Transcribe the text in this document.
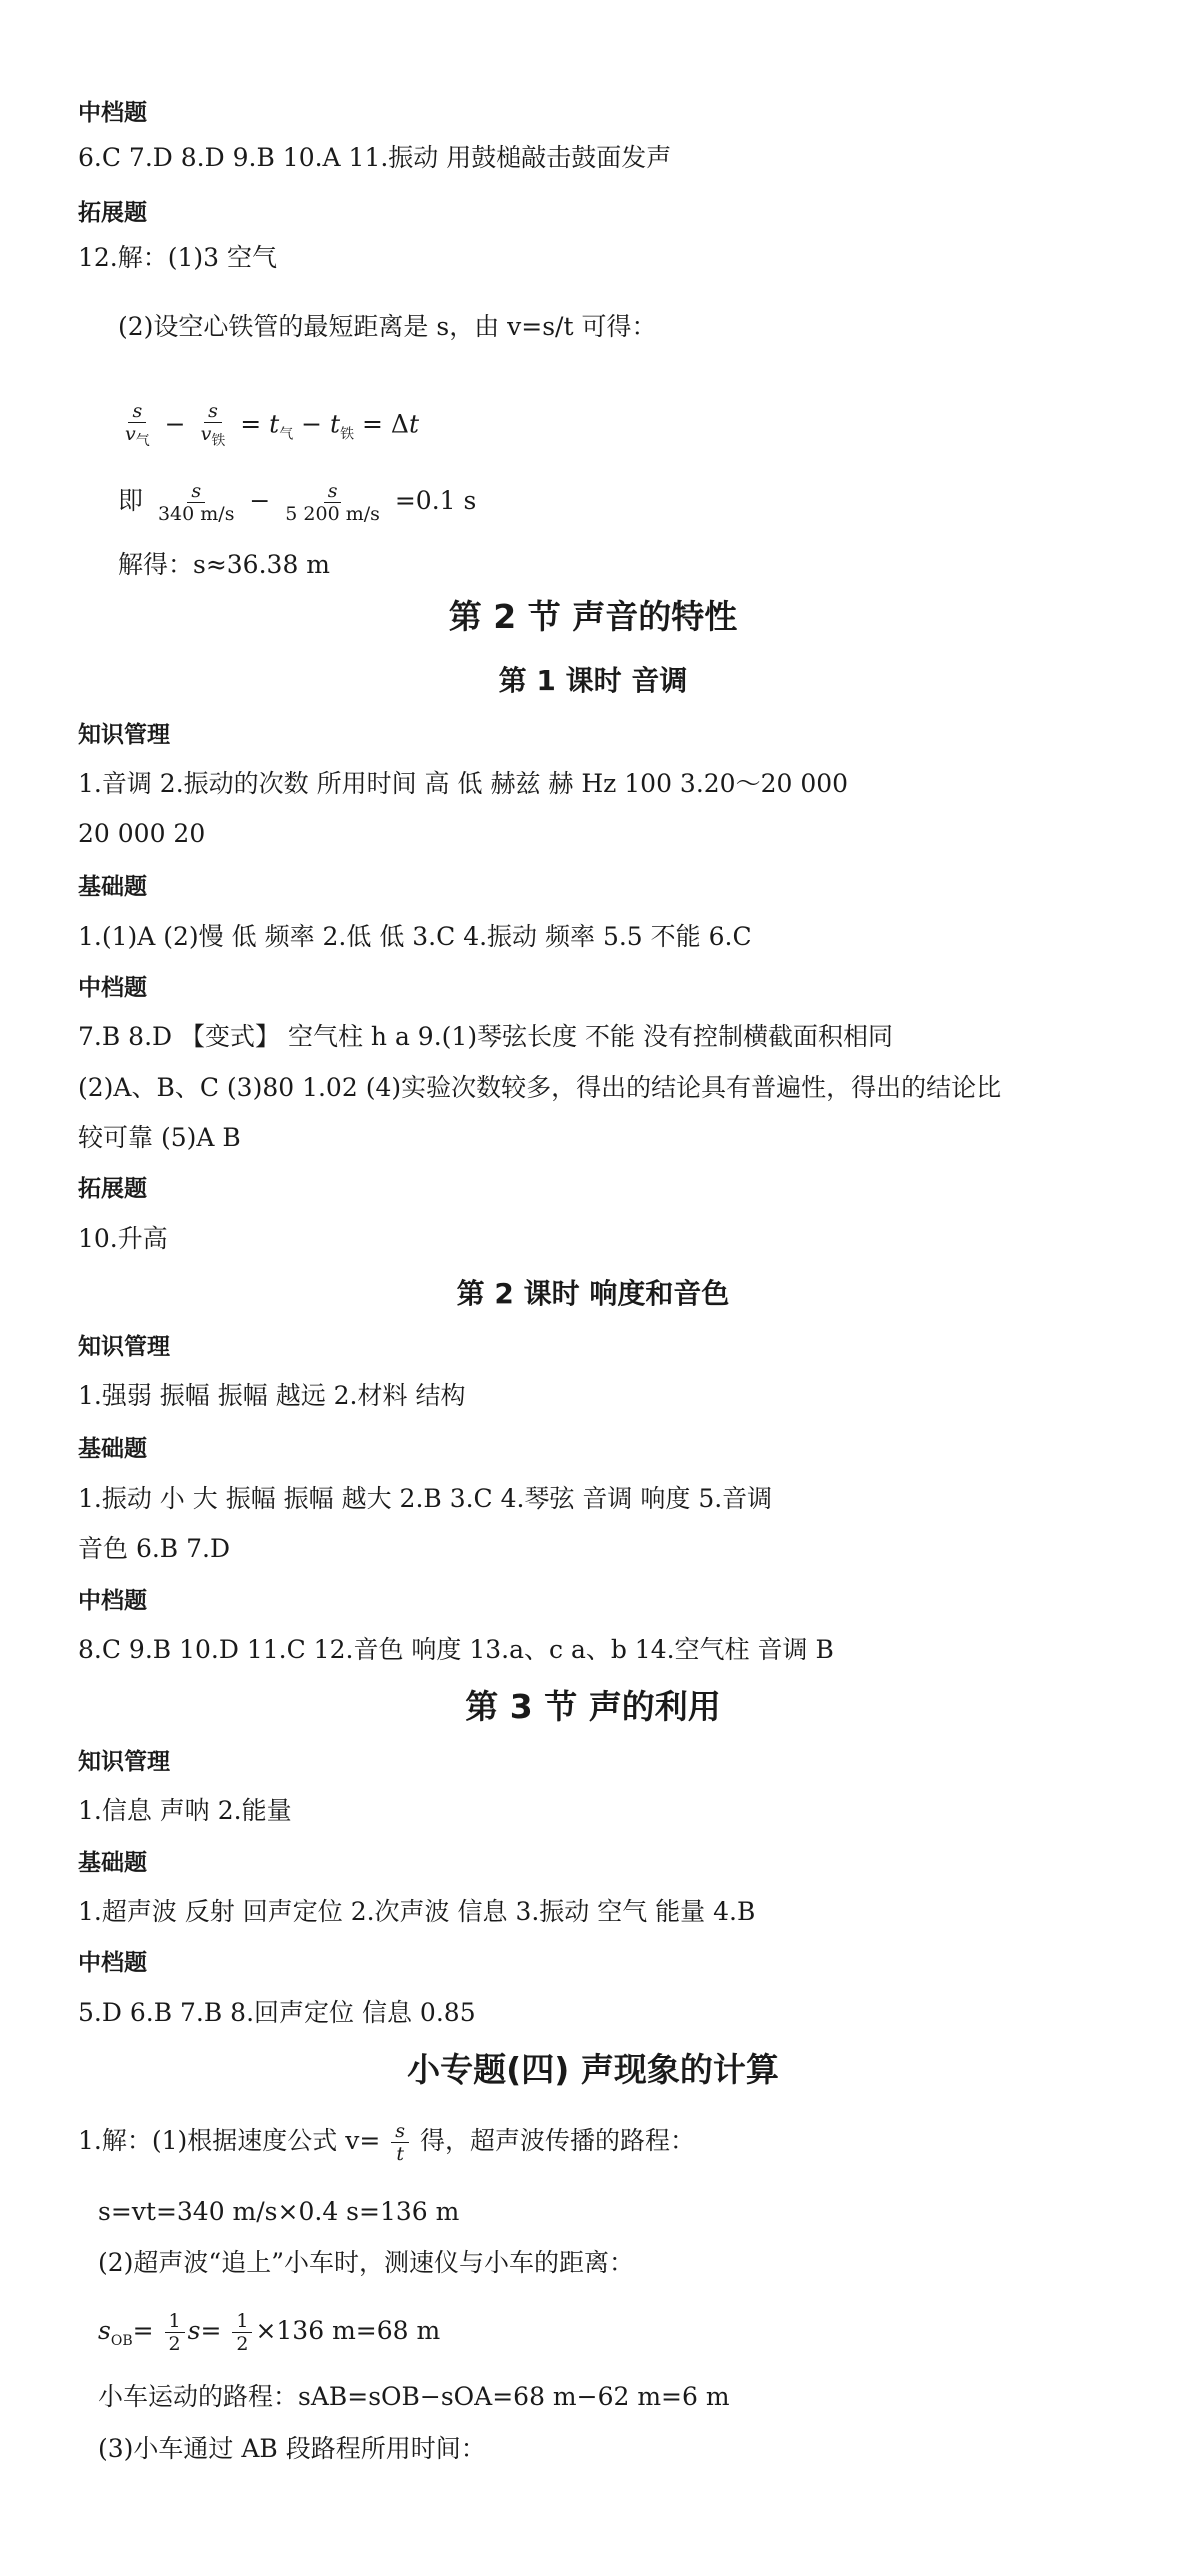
中档题
6.C 7.D 8.D 9.B 10.A 11.振动 用鼓槌敲击鼓面发声
拓展题
12.解：(1)3 空气
(2)设空心铁管的最短距离是 s，由 v=s/t 可得：
$\frac{s}{v_气} - \frac{s}{v_铁} = t_气 - t_铁 = \Delta t$
即 $\frac{s}{340 m/s} - \frac{s}{5 200 m/s} =0.1$ s
解得：s≈36.38 m
第 2 节 声音的特性
第 1 课时 音调
知识管理
1.音调 2.振动的次数 所用时间 高 低 赫兹 赫 Hz 100 3.20～20 000
20 000 20
基础题
1.(1)A (2)慢 低 频率 2.低 低 3.C 4.振动 频率 5.5 不能 6.C
中档题
7.B 8.D 【变式】 空气柱 h a 9.(1)琴弦长度 不能 没有控制横截面积相同
(2)A、B、C (3)80 1.02 (4)实验次数较多，得出的结论具有普遍性，得出的结论比
较可靠 (5)A B
拓展题
10.升高
第 2 课时 响度和音色
知识管理
1.强弱 振幅 振幅 越远 2.材料 结构
基础题
1.振动 小 大 振幅 振幅 越大 2.B 3.C 4.琴弦 音调 响度 5.音调
音色 6.B 7.D
中档题
8.C 9.B 10.D 11.C 12.音色 响度 13.a、c a、b 14.空气柱 音调 B
第 3 节 声的利用
知识管理
1.信息 声呐 2.能量
基础题
1.超声波 反射 回声定位 2.次声波 信息 3.振动 空气 能量 4.B
中档题
5.D 6.B 7.B 8.回声定位 信息 0.85
小专题(四) 声现象的计算
1.解：(1)根据速度公式 $v= \frac{s}{t}$ 得，超声波传播的路程：
s=vt=340 m/s×0.4 s=136 m
(2)超声波“追上”小车时，测速仪与小车的距离：
$s_{OB}= \frac{1}{2} s= \frac{1}{2} \times 136$ m=68 m
小车运动的路程：sAB=sOB−sOA=68 m−62 m=6 m
(3)小车通过 AB 段路程所用时间：
